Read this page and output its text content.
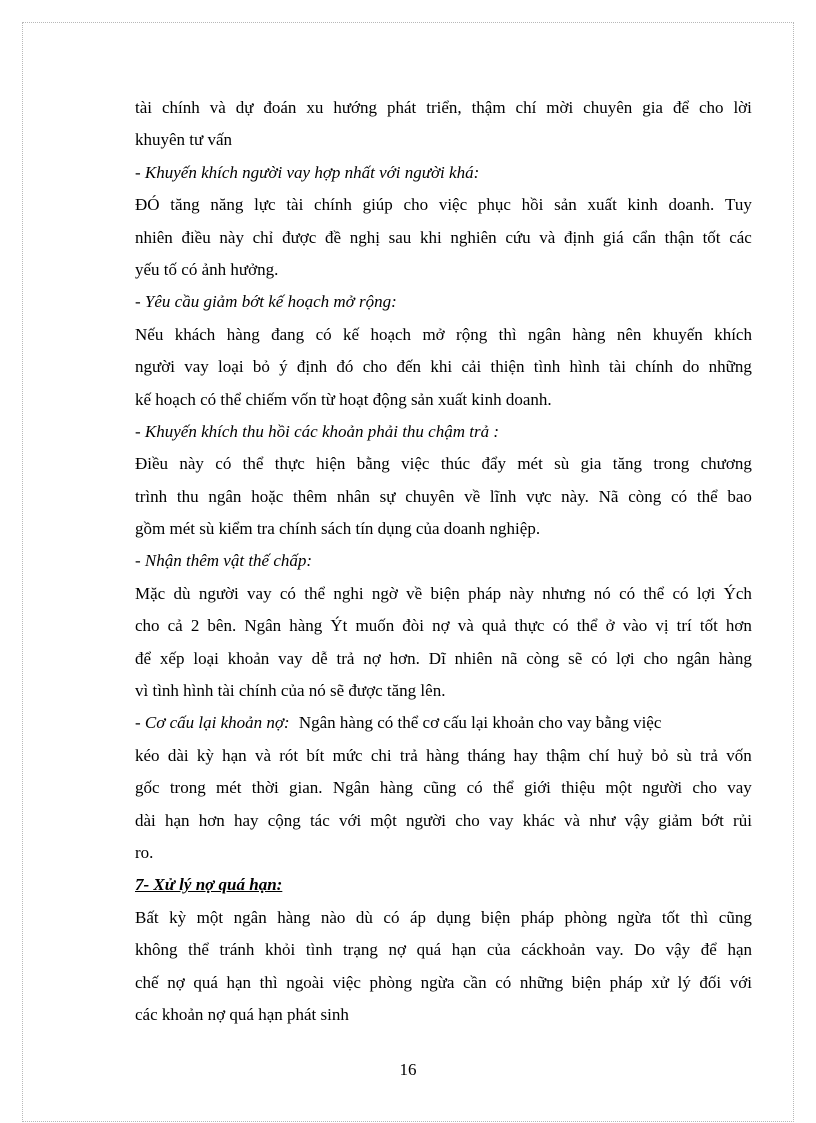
tài chính và dự đoán xu hướng phát triển, thậm chí mời chuyên gia để cho lời
khuyên tư vấn
- Khuyến khích người vay hợp nhất với người khá:
ĐÓ tăng năng lực tài chính giúp cho việc phục hồi sản xuất kinh doanh. Tuy
nhiên điều này chỉ được đề nghị sau khi nghiên cứu và định giá cẩn thận tốt các
yếu tố có ảnh hưởng.
- Yêu cầu giảm bớt kế hoạch mở rộng:
Nếu khách hàng đang có kế hoạch mở rộng thì ngân hàng nên khuyến khích
người vay loại bỏ ý định đó cho đến khi cải thiện tình hình tài chính do những
kế hoạch có thể chiếm vốn từ hoạt động sản xuất kinh doanh.
- Khuyến khích thu hồi các khoản phải thu chậm trả :
Điều này có thể thực hiện bằng việc thúc đẩy mét sù gia tăng trong chương
trình thu ngân hoặc thêm nhân sự chuyên về lĩnh vực này. Nã còng có thể bao
gồm mét sù kiểm tra chính sách tín dụng của doanh nghiệp.
- Nhận thêm vật thế chấp:
Mặc dù người vay có thể nghi ngờ về biện pháp này nhưng nó có thể có lợi Ých
cho cả 2 bên. Ngân hàng Ýt muốn đòi nợ và quả thực có thể ở vào vị trí tốt hơn
để xếp loại khoản vay dễ trả nợ hơn. Dĩ nhiên nã còng sẽ có lợi cho ngân hàng
vì tình hình tài chính của nó sẽ được tăng lên.
- Cơ cấu lại khoản nợ: Ngân hàng có thể cơ cấu lại khoản cho vay bằng việc
kéo dài kỳ hạn và rót bít mức chi trả hàng tháng hay thậm chí huỷ bỏ sù trả vốn
gốc trong mét thời gian. Ngân hàng cũng có thể giới thiệu một người cho vay
dài hạn hơn hay cộng tác với một người cho vay khác và như vậy giảm bớt rủi
ro.
7- Xử lý nợ quá hạn:
Bất kỳ một ngân hàng nào dù có áp dụng biện pháp phòng ngừa tốt thì cũng
không thể tránh khỏi tình trạng nợ quá hạn của cáckhoản vay. Do vậy để hạn
chế nợ quá hạn thì ngoài việc phòng ngừa cần có những biện pháp xử lý đối với
các khoản nợ quá hạn phát sinh
16
